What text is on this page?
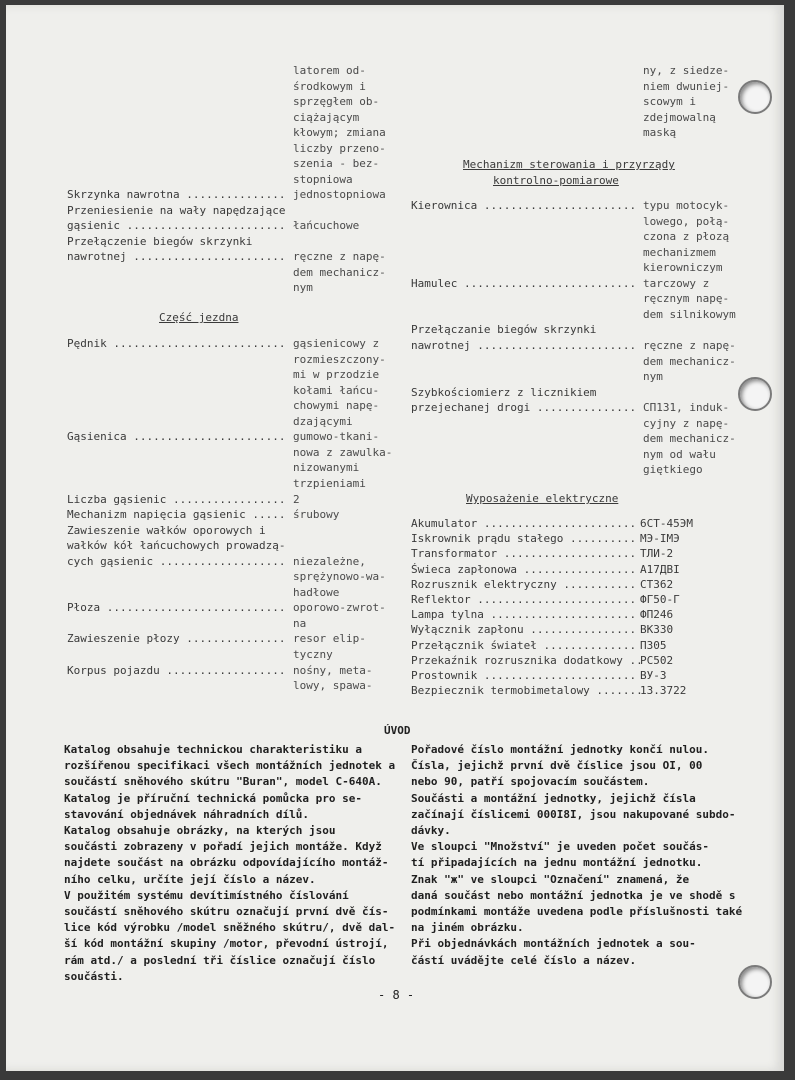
latorem od-
środkowym i
sprzęgłem ob-
ciążającym
kłowym; zmiana
liczby przeno-
szenia - bez-
stopniowa
Skrzynka nawrotna ............... jednostopniowa
Przeniesienie na wały napędzające
gąsienic ........................ łańcuchowe
Przełączenie biegów skrzynki
nawrotnej ....................... ręczne z napę-
dem mechanicz-
nym
Część jezdna
Pędnik .......................... gąsienicowy z
rozmieszczony-
mi w przodzie
kołami łańcu-
chowymi napę-
dzającymi
Gąsienica ....................... gumowo-tkani-
nowa z zawulka-
nizowanymi
trzpieniami
Liczba gąsienic ................. 2
Mechanizm napięcia gąsienic ..... śrubowy
Zawieszenie wałków oporowych i
wałków kół łańcuchowych prowadzą-
cych gąsienic ................... niezależne,
sprężynowo-wa-
hadłowe
Płoza ........................... oporowo-zwrot-
na
Zawieszenie płozy ............... resor elip-
tyczny
Korpus pojazdu .................. nośny, meta-
lowy, spawa-
ny, z siedze-
niem dwuniej-
scowym i
zdejmowalną
maską
Mechanizm sterowania i przyrządy
kontrolno-pomiarowe
Kierownica ....................... typu motocyk-
lowego, połą-
czona z płozą
mechanizmem
kierowniczym
Hamulec .......................... tarczowy z
ręcznym napę-
dem silnikowym
Przełączanie biegów skrzynki
nawrotnej ........................ ręczne z napę-
dem mechanicz-
nym
Szybkościomierz z licznikiem
przejechanej drogi ............... СП131, induk-
cyjny z napę-
dem mechanicz-
nym od wału
giętkiego
Wyposażenie elektryczne
Akumulator ....................... 6СТ-45ЭМ
Iskrownik prądu stałego .......... МЭ-IМЭ
Transformator .................... ТЛИ-2
Świeca zapłonowa ................. А17ДВI
Rozrusznik elektryczny ........... СТ362
Reflektor ........................ ФГ50-Г
Lampa tylna ...................... ФП246
Wyłącznik zapłonu ................ ВК330
Przełącznik świateł .............. П305
Przekaźnik rozrusznika dodatkowy ..
РС502
Prostownik ....................... ВУ-3
Bezpiecznik termobimetalowy .......
13.3722
ÚVOD
Katalog obsahuje technickou charakteristiku a
rozšířenou specifikaci všech montážních jednotek a
součástí sněhového skútru "Buran", model C-640A.
Katalog je příruční technická pomůcka pro se-
stavování objednávek náhradních dílů.
Katalog obsahuje obrázky, na kterých jsou
součásti zobrazeny v pořadí jejich montáže. Když
najdete součást na obrázku odpovídajícího montáž-
ního celku, určíte její číslo a název.
V použitém systému devítimístného číslování
součástí sněhového skútru označují první dvě čís-
lice kód výrobku /model sněžného skútru/, dvě dal-
ší kód montážní skupiny /motor, převodní ústrojí,
rám atd./ a poslední tři číslice označují číslo
součásti.
Pořadové číslo montážní jednotky končí nulou.
Čísla, jejichž první dvě číslice jsou OI, 00
nebo 90, patří spojovacím součástem.
Součásti a montážní jednotky, jejichž čísla
začínají číslicemi 000I8I, jsou nakupované subdo-
dávky.
Ve sloupci "Množství" je uveden počet součás-
tí připadajících na jednu montážní jednotku.
Znak "ж" ve sloupci "Označení" znamená, že
daná součást nebo montážní jednotka je ve shodě s
podmínkami montáže uvedena podle příslušnosti také
na jiném obrázku.
Při objednávkách montážních jednotek a sou-
částí uvádějte celé číslo a název.
- 8 -
